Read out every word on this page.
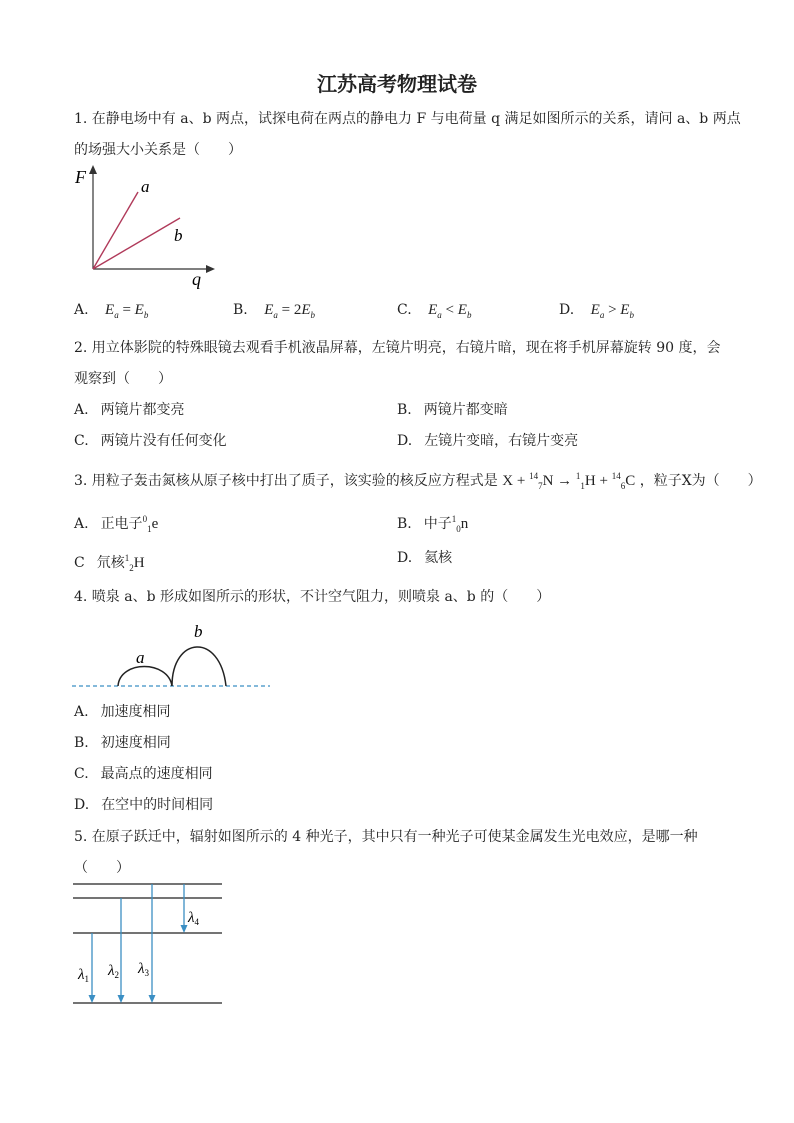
江苏高考物理试卷
1. 在静电场中有 a、b 两点，试探电荷在两点的静电力 F 与电荷量 q 满足如图所示的关系，请问 a、b 两点
的场强大小关系是（　　）
F
q
a
b
A. $E_a = E_b$	B. $E_a = 2E_b$	C. $E_a < E_b$	D. $E_a > E_b$
2. 用立体影院的特殊眼镜去观看手机液晶屏幕，左镜片明亮，右镜片暗，现在将手机屏幕旋转 90 度，会
观察到（　　）
A. 两镜片都变亮	B. 两镜片都变暗
C. 两镜片没有任何变化	D. 左镜片变暗，右镜片变亮
3. 用粒子轰击氮核从原子核中打出了质子，该实验的核反应方程式是 X + $^{14}_7$N → $^1_1$H + $^{14}_6$C ，粒子X为（　　）
A. 正电子$^0_1$e	B. 中子$^1_0$n
C 氘核$^1_2$H	D. 氦核
4. 喷泉 a、b 形成如图所示的形状，不计空气阻力，则喷泉 a、b 的（　　）
a
b
A. 加速度相同
B. 初速度相同
C. 最高点的速度相同
D. 在空中的时间相同
5. 在原子跃迁中，辐射如图所示的 4 种光子，其中只有一种光子可使某金属发生光电效应，是哪一种
（　　）
$\lambda_4$
$\lambda_1$ $\lambda_2$ $\lambda_3$
